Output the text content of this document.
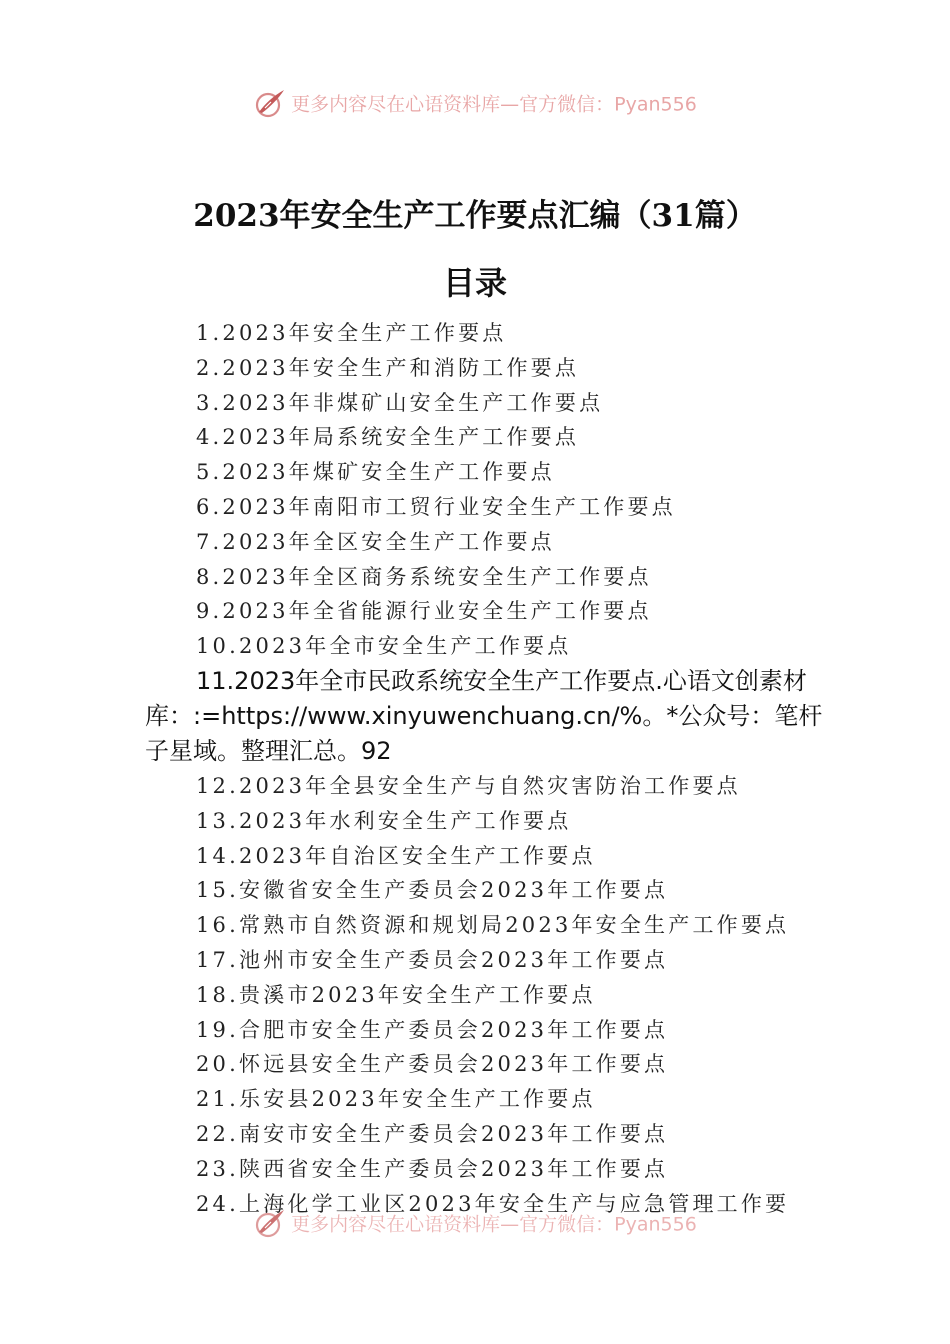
更多内容尽在心语资料库—官方微信：Pyan556
2023年安全生产工作要点汇编（31篇）
目录
1.2023年安全生产工作要点
2.2023年安全生产和消防工作要点
3.2023年非煤矿山安全生产工作要点
4.2023年局系统安全生产工作要点
5.2023年煤矿安全生产工作要点
6.2023年南阳市工贸行业安全生产工作要点
7.2023年全区安全生产工作要点
8.2023年全区商务系统安全生产工作要点
9.2023年全省能源行业安全生产工作要点
10.2023年全市安全生产工作要点
11.2023年全市民政系统安全生产工作要点.心语文创素材库：:=https://www.xinyuwenchuang.cn/%。*公众号：笔杆子星域。整理汇总。92
12.2023年全县安全生产与自然灾害防治工作要点
13.2023年水利安全生产工作要点
14.2023年自治区安全生产工作要点
15.安徽省安全生产委员会2023年工作要点
16.常熟市自然资源和规划局2023年安全生产工作要点
17.池州市安全生产委员会2023年工作要点
18.贵溪市2023年安全生产工作要点
19.合肥市安全生产委员会2023年工作要点
20.怀远县安全生产委员会2023年工作要点
21.乐安县2023年安全生产工作要点
22.南安市安全生产委员会2023年工作要点
23.陕西省安全生产委员会2023年工作要点
24.上海化学工业区2023年安全生产与应急管理工作要
更多内容尽在心语资料库—官方微信：Pyan556
